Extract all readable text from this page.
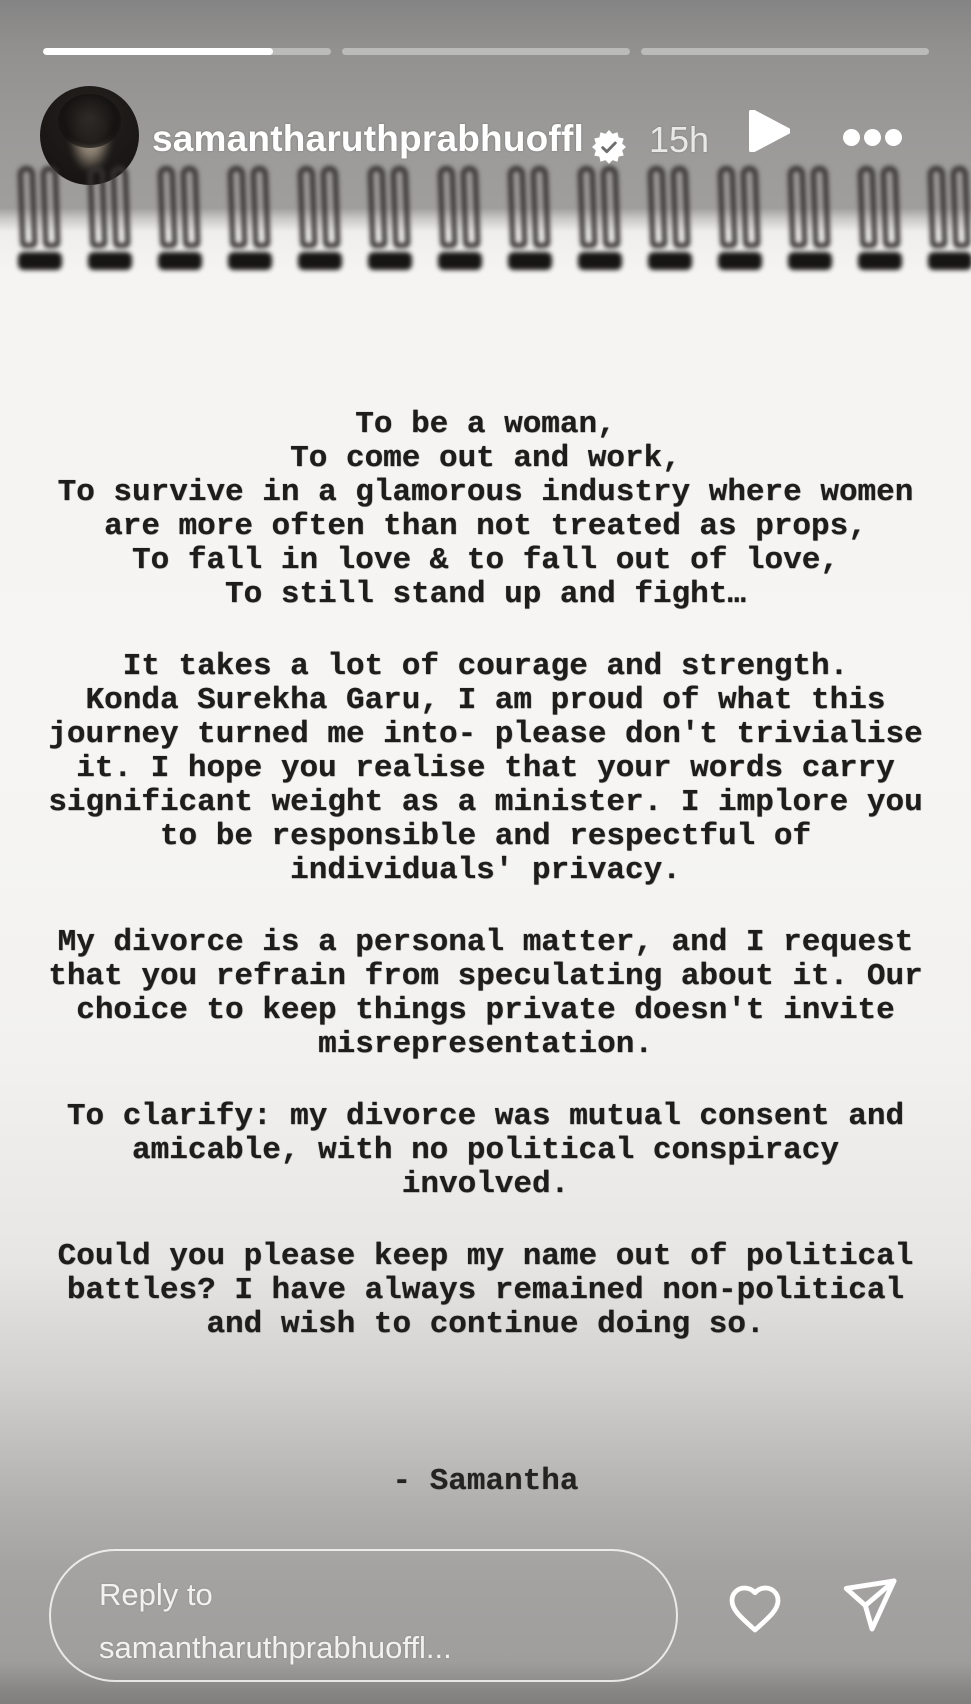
samantharuthprabhuoffl 15h
To be a woman,
To come out and work,
To survive in a glamorous industry where women
are more often than not treated as props,
To fall in love & to fall out of love,
To still stand up and fight…
It takes a lot of courage and strength.
Konda Surekha Garu, I am proud of what this
journey turned me into- please don't trivialise
it. I hope you realise that your words carry
significant weight as a minister. I implore you
to be responsible and respectful of
individuals' privacy.
My divorce is a personal matter, and I request
that you refrain from speculating about it. Our
choice to keep things private doesn't invite
misrepresentation.
To clarify: my divorce was mutual consent and
amicable, with no political conspiracy
involved.
Could you please keep my name out of political
battles? I have always remained non-political
and wish to continue doing so.
- Samantha
Reply to
samantharuthprabhuoffl...
